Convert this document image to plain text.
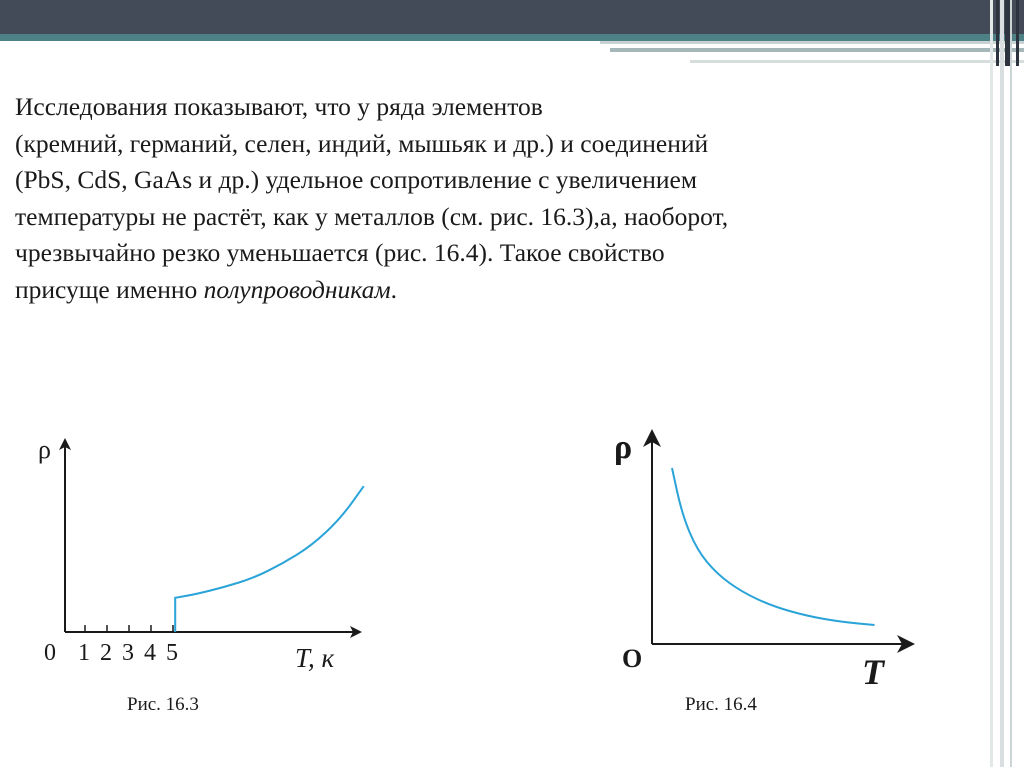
Исследования показывают, что у ряда элементов
(кремний, германий, селен, индий, мышьяк и др.) и соединений
(PbS, CdS, GaAs и др.) удельное сопротивление с увеличением
температуры не растёт, как у металлов (см. рис. 16.3),а, наоборот,
чрезвычайно резко уменьшается (рис. 16.4). Такое свойство
присуще именно полупроводникам.
ρ
0 1 2 3 4 5	T, к
Рис. 16.3
ρ
O	T
Рис. 16.4
